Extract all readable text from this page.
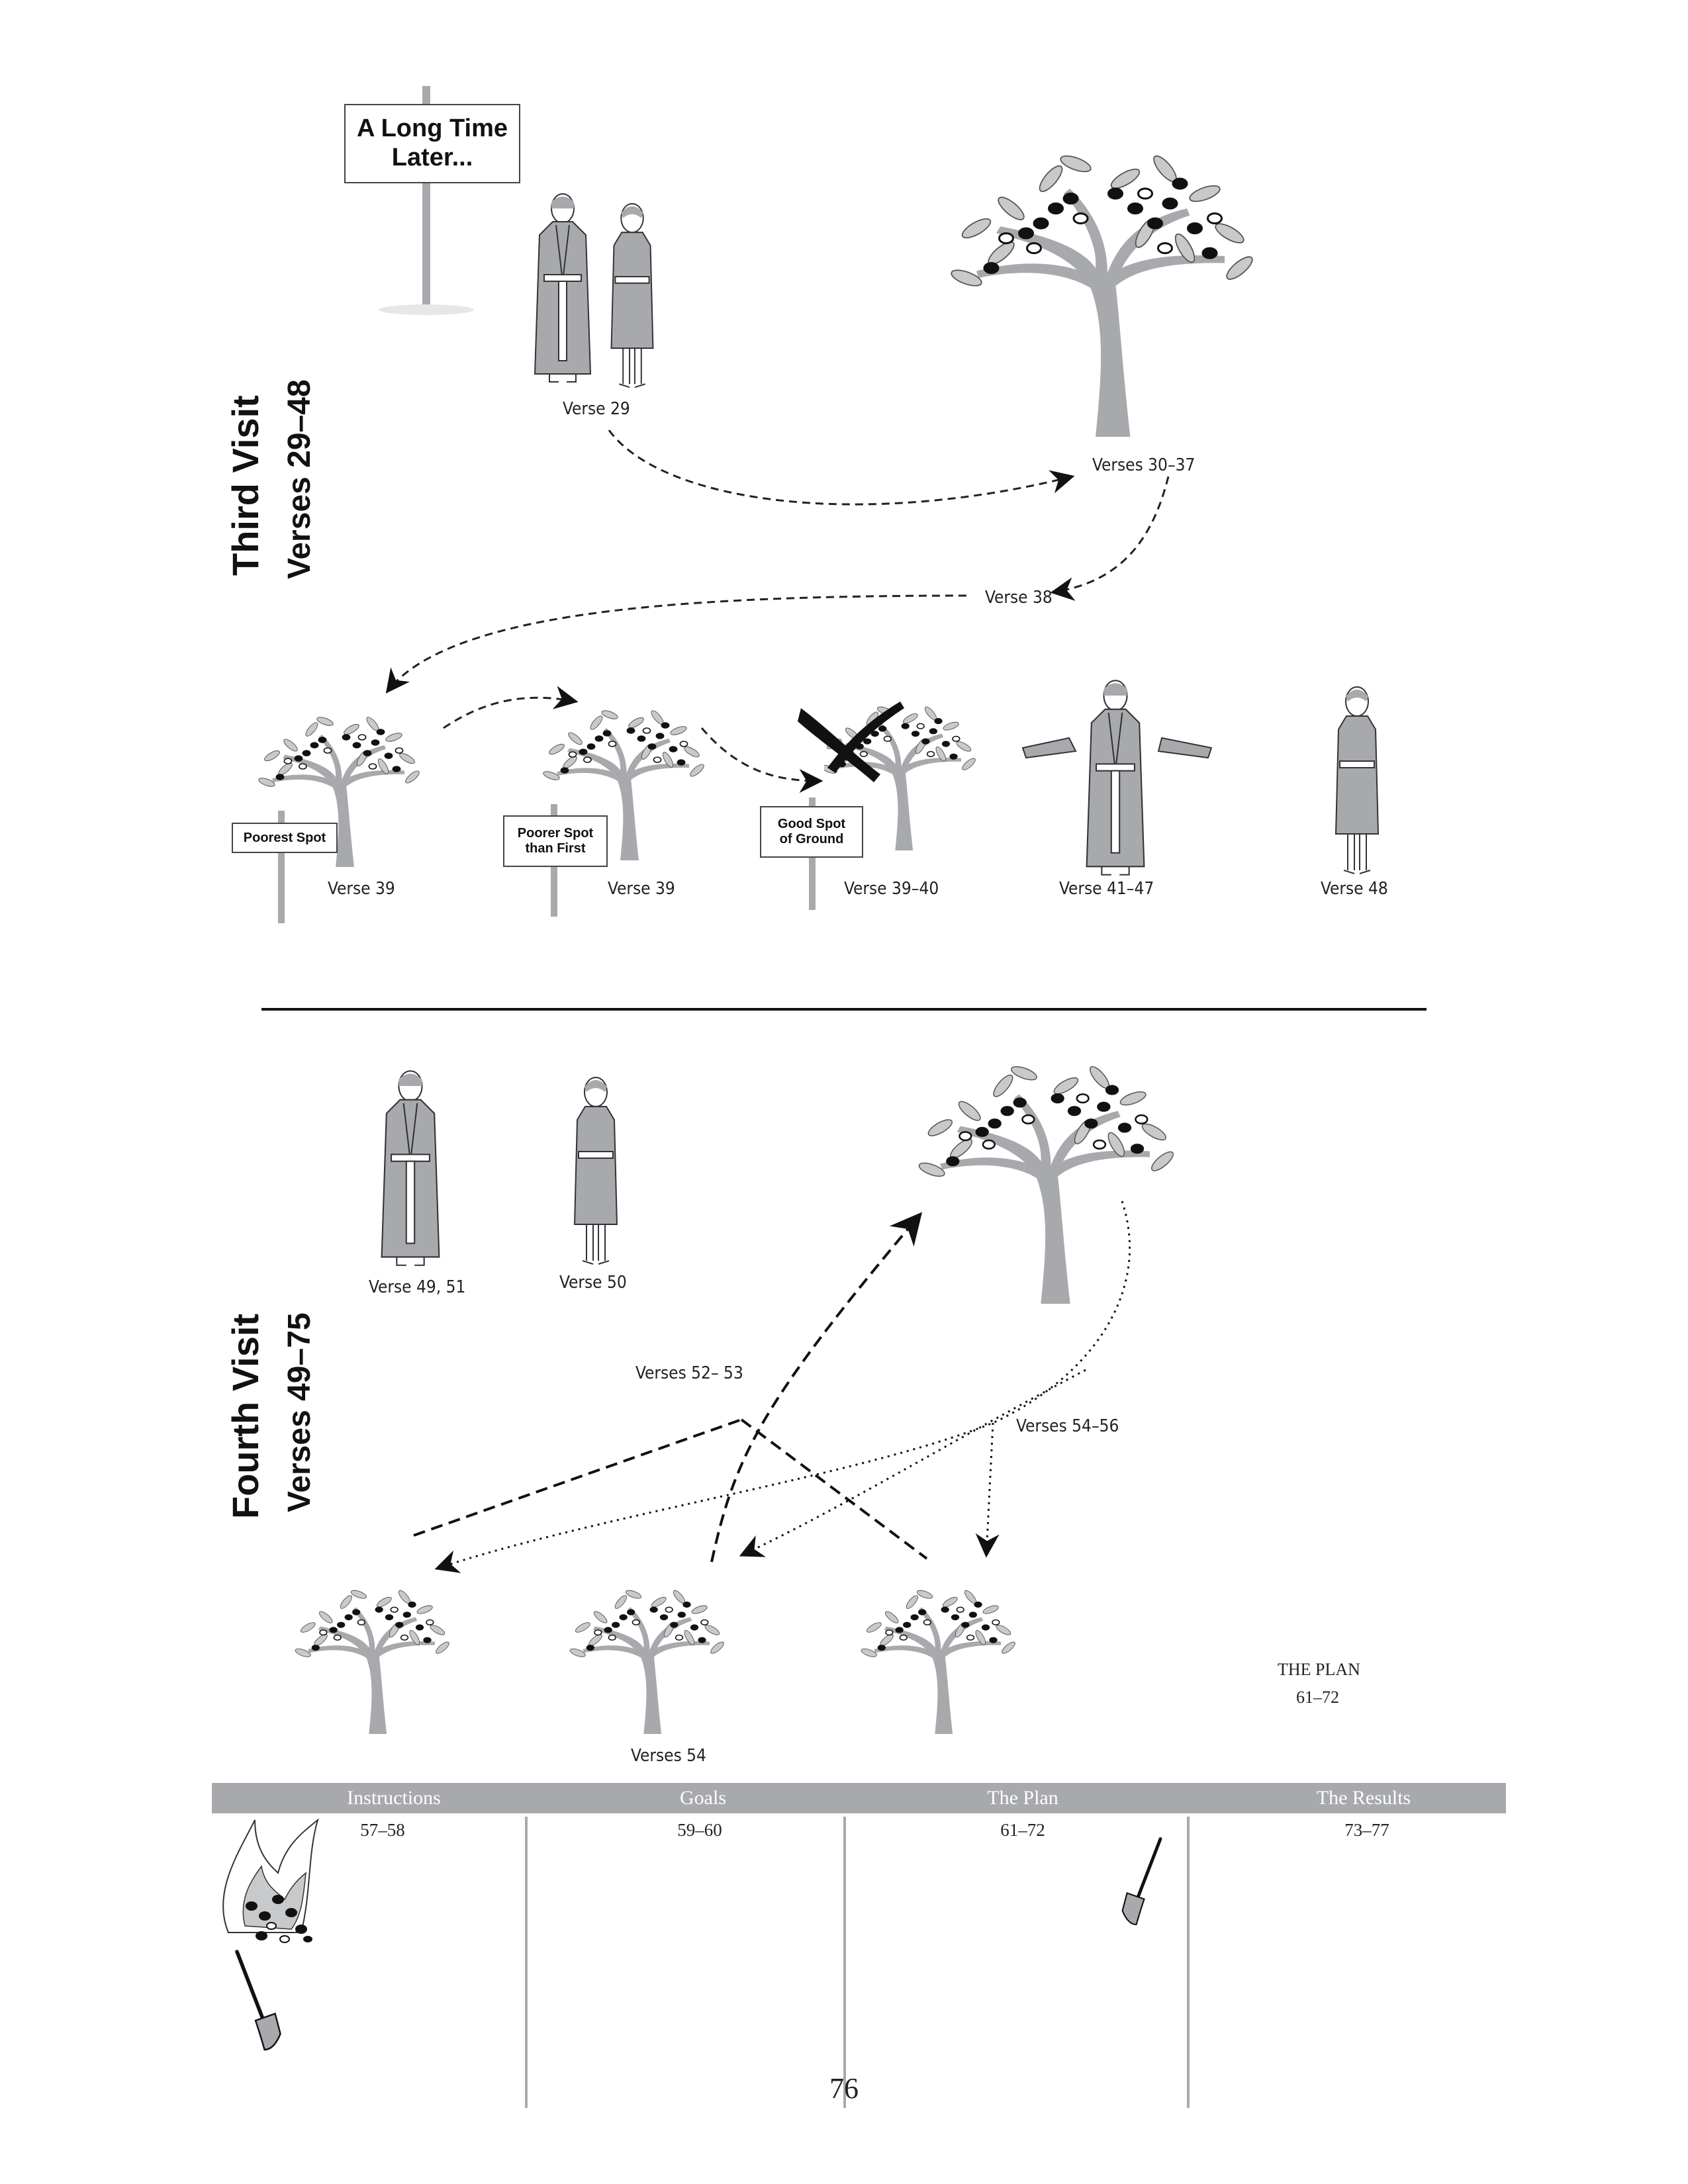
A Long Time
Later...
Third Visit Verses 29–48
Fourth Visit Verses 49–75
Verse 29
Verses 30–37
Verse 38
Verse 39	Verse 39	Verse 39–40	Verse 41–47	Verse 48
Poorest Spot	Poorer Spot
than First
Good Spot
of Ground
Verse 49, 51	Verse 50
Verses 52– 53
Verses 54–56
Verses 54
THE PLAN
61–72
Instructions	Goals	The Plan	The Results
57–58	59–60	61–72	73–77
76
